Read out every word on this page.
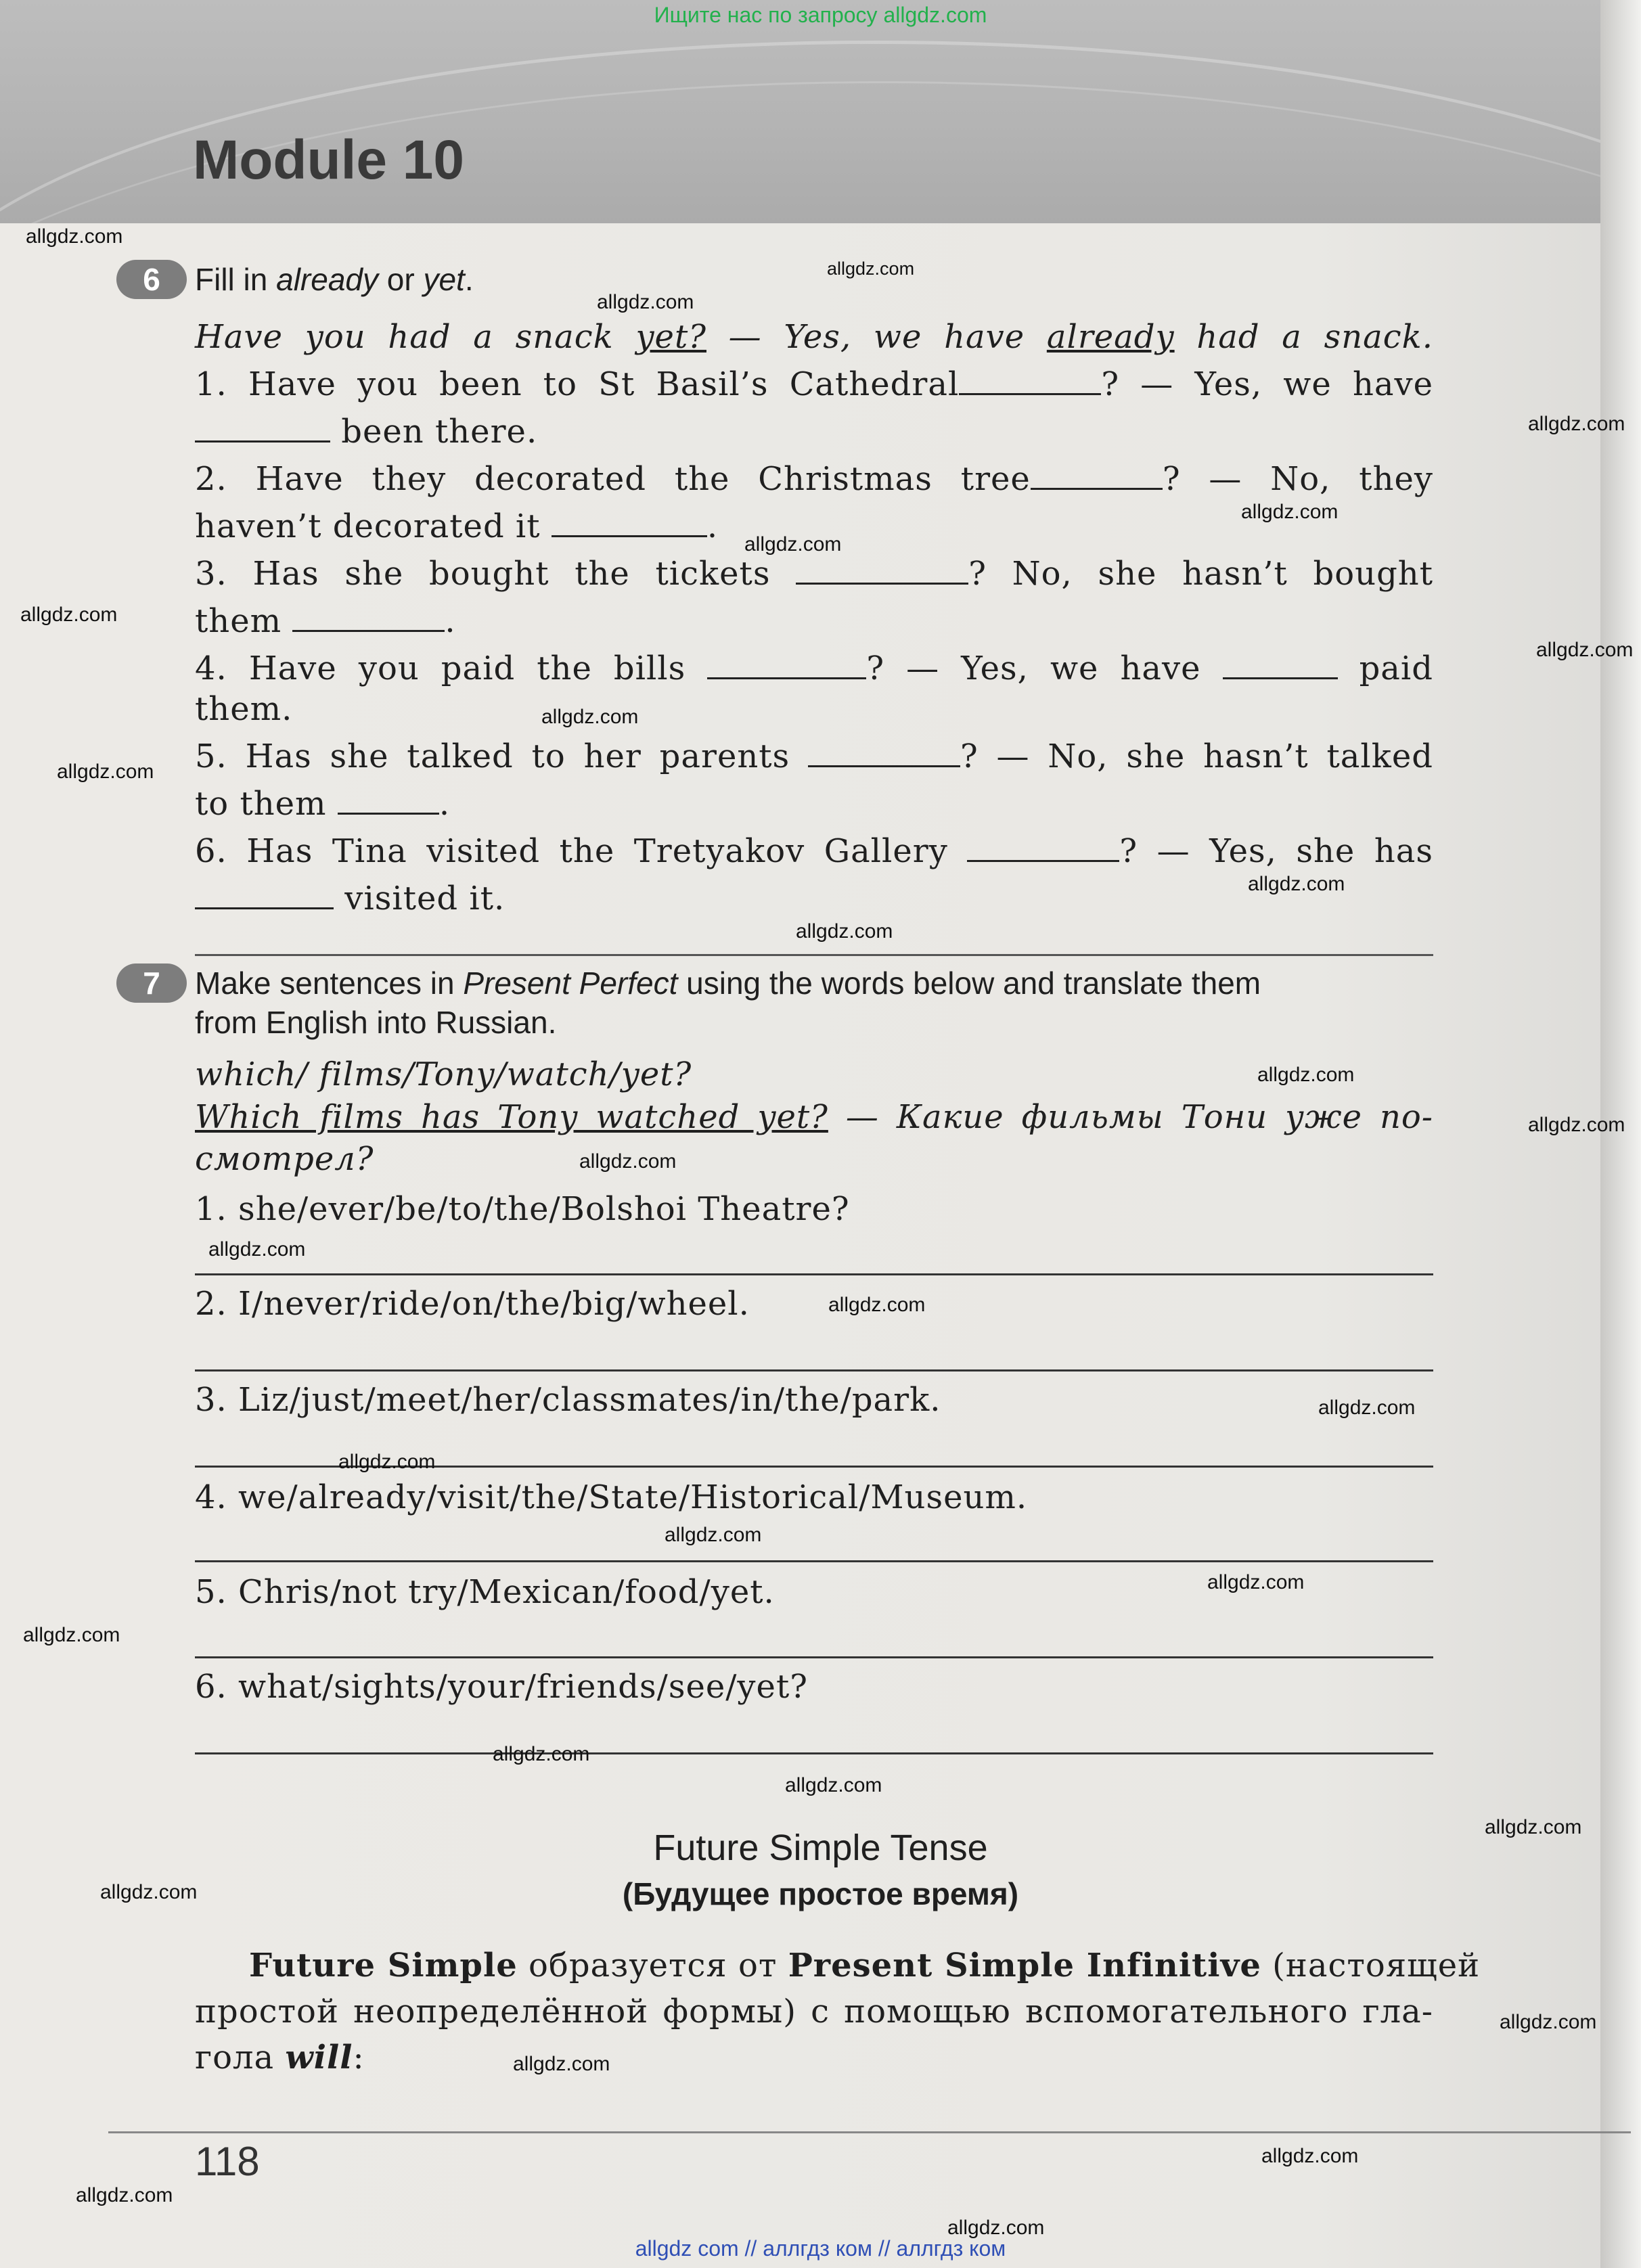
Ищите нас по запросу allgdz.com
Module 10
6	Fill in already or yet.
Have you had a snack yet? — Yes, we have already had a snack.
1. Have you been to St Basil’s Cathedral	? — Yes, we have
been there.
2. Have they decorated the Christmas tree	? — No, they
haven’t decorated it	.
3. Has she bought the tickets	? No, she hasn’t bought
them	.
4. Have you paid the bills	? — Yes, we have	paid
them.
5. Has she talked to her parents	? — No, she hasn’t talked
to them	.
6. Has Tina visited the Tretyakov Gallery	? — Yes, she has
visited it.
7	Make sentences in Present Perfect using the words below and translate them
from English into Russian.
which/ films/Tony/watch/yet?
Which films has Tony watched yet? — Какие фильмы Тони уже по-
смотрел?
1. she/ever/be/to/the/Bolshoi Theatre?
2. I/never/ride/on/the/big/wheel.
3. Liz/just/meet/her/classmates/in/the/park.
4. we/already/visit/the/State/Historical/Museum.
5. Chris/not try/Mexican/food/yet.
6. what/sights/your/friends/see/yet?
Future Simple Tense
(Будущее простое время)
Future Simple образуется от Present Simple Infinitive (настоящей
простой неопределённой формы) с помощью вспомогательного гла-
гола will:
118
allgdz.com
allgdz.com
allgdz.com
allgdz.com
allgdz.com
allgdz.com
allgdz.com
allgdz.com
allgdz.com
allgdz.com
allgdz.com
allgdz.com
allgdz.com
allgdz.com
allgdz.com
allgdz.com
allgdz.com
allgdz.com
allgdz.com
allgdz.com
allgdz.com
allgdz.com
allgdz.com
allgdz.com
allgdz.com
allgdz.com
allgdz.com
allgdz.com
allgdz.com
allgdz.com
allgdz.com
allgdz com // аллгдз ком // аллгдз ком
